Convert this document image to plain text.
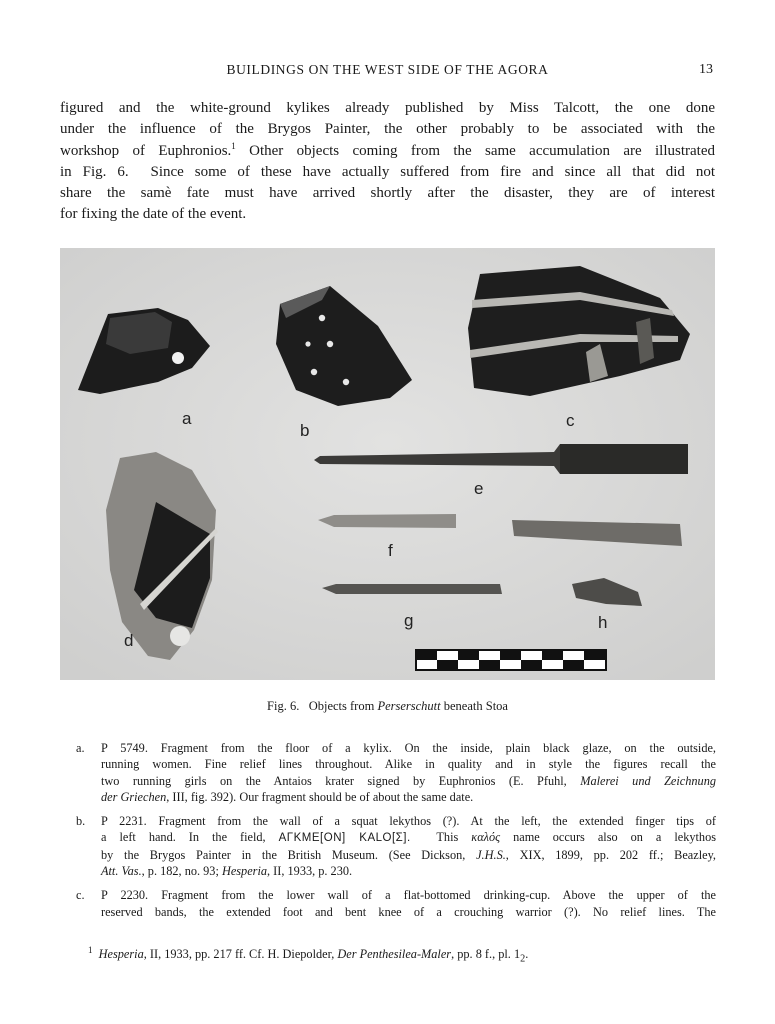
BUILDINGS ON THE WEST SIDE OF THE AGORA	13
figured and the white-ground kylikes already published by Miss Talcott, the one done
under the influence of the Brygos Painter, the other probably to be associated with the
workshop of Euphronios.$^1$ Other objects coming from the same accumulation are illustrated
in Fig. 6. Since some of these have actually suffered from fire and since all that did not
share the samè fate must have arrived shortly after the disaster, they are of interest
for fixing the date of the event.
a
b
c
d
e
f
g	h
Fig. 6. Objects from Perserschutt beneath Stoa
a. P 5749. Fragment from the floor of a kylix. On the inside, plain black glaze, on the outside,
running women. Fine relief lines throughout. Alike in quality and in style the figures recall the
two running girls on the Antaios krater signed by Euphronios (E. Pfuhl, Malerei und Zeichnung
der Griechen, III, fig. 392). Our fragment should be of about the same date.
b. P 2231. Fragment from the wall of a squat lekythos (?). At the left, the extended finger tips of
a left hand. In the field, AΓKME[ON] KALO[Σ]. This καλός name occurs also on a lekythos
by the Brygos Painter in the British Museum. (See Dickson, J.H.S., XIX, 1899, pp. 202 ff.; Beazley,
Att. Vas., p. 182, no. 93; Hesperia, II, 1933, p. 230.
c. P 2230. Fragment from the lower wall of a flat-bottomed drinking-cup. Above the upper of the
reserved bands, the extended foot and bent knee of a crouching warrior (?). No relief lines. The
$^1$ Hesperia, II, 1933, pp. 217 ff. Cf. H. Diepolder, Der Penthesilea-Maler, pp. 8 f., pl. $1_2$.
